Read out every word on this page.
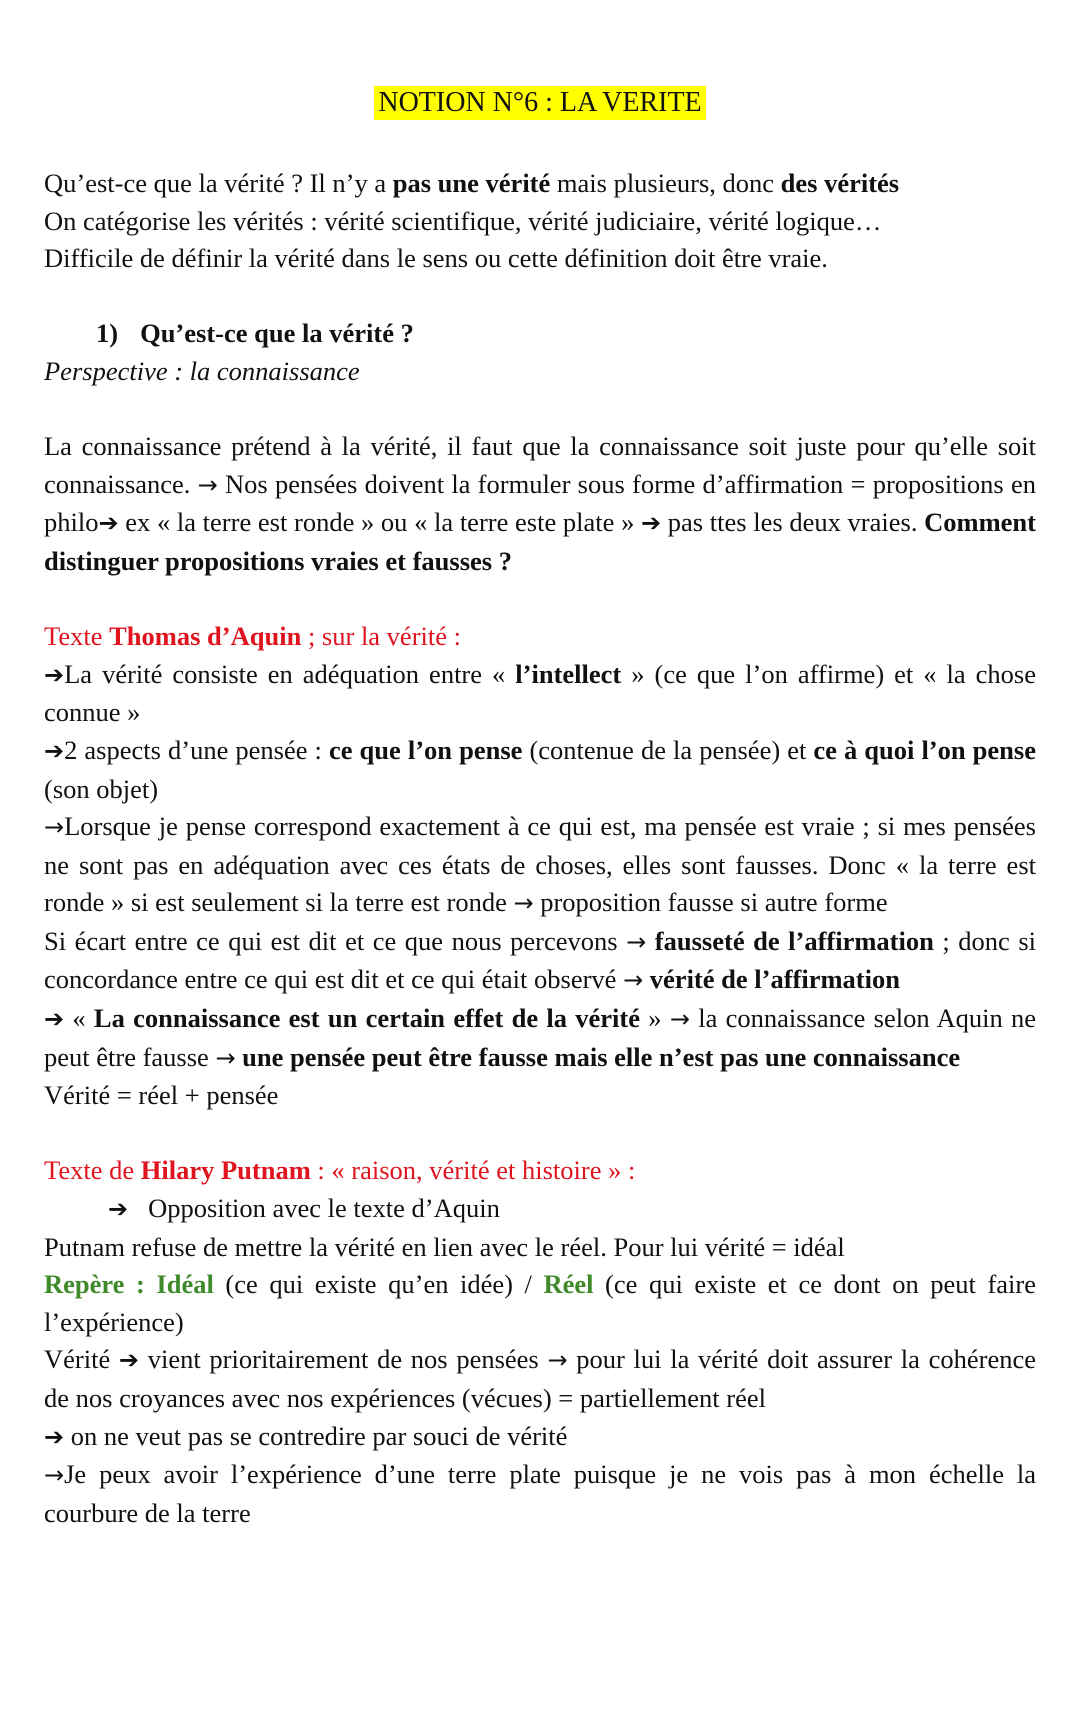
NOTION N°6 : LA VERITE

Qu’est-ce que la vérité ? Il n’y a pas une vérité mais plusieurs, donc des vérités

On catégorise les vérités : vérité scientifique, vérité judiciaire, vérité logique…

Difficile de définir la vérité dans le sens ou cette définition doit être vraie.

1) Qu’est-ce que la vérité ?

Perspective : la connaissance

La connaissance prétend à la vérité, il faut que la connaissance soit juste pour qu’elle soit connaissance. → Nos pensées doivent la formuler sous forme d’affirmation = propositions en philo➔ ex « la terre est ronde » ou « la terre este plate » ➔ pas ttes les deux vraies. Comment distinguer propositions vraies et fausses ?

Texte Thomas d’Aquin ; sur la vérité :

➔La vérité consiste en adéquation entre « l’intellect » (ce que l’on affirme) et « la chose connue »

➔2 aspects d’une pensée : ce que l’on pense (contenue de la pensée) et ce à quoi l’on pense (son objet)

→Lorsque je pense correspond exactement à ce qui est, ma pensée est vraie ; si mes pensées ne sont pas en adéquation avec ces états de choses, elles sont fausses. Donc « la terre est ronde » si est seulement si la terre est ronde → proposition fausse si autre forme

Si écart entre ce qui est dit et ce que nous percevons → fausseté de l’affirmation ; donc si concordance entre ce qui est dit et ce qui était observé → vérité de l’affirmation

➔ « La connaissance est un certain effet de la vérité » → la connaissance selon Aquin ne peut être fausse → une pensée peut être fausse mais elle n’est pas une connaissance

Vérité = réel + pensée

Texte de Hilary Putnam : « raison, vérité et histoire » :

➔ Opposition avec le texte d’Aquin

Putnam refuse de mettre la vérité en lien avec le réel. Pour lui vérité = idéal

Repère : Idéal (ce qui existe qu’en idée) / Réel (ce qui existe et ce dont on peut faire l’expérience)

Vérité ➔ vient prioritairement de nos pensées → pour lui la vérité doit assurer la cohérence de nos croyances avec nos expériences (vécues) = partiellement réel

➔ on ne veut pas se contredire par souci de vérité

→Je peux avoir l’expérience d’une terre plate puisque je ne vois pas à mon échelle la courbure de la terre
